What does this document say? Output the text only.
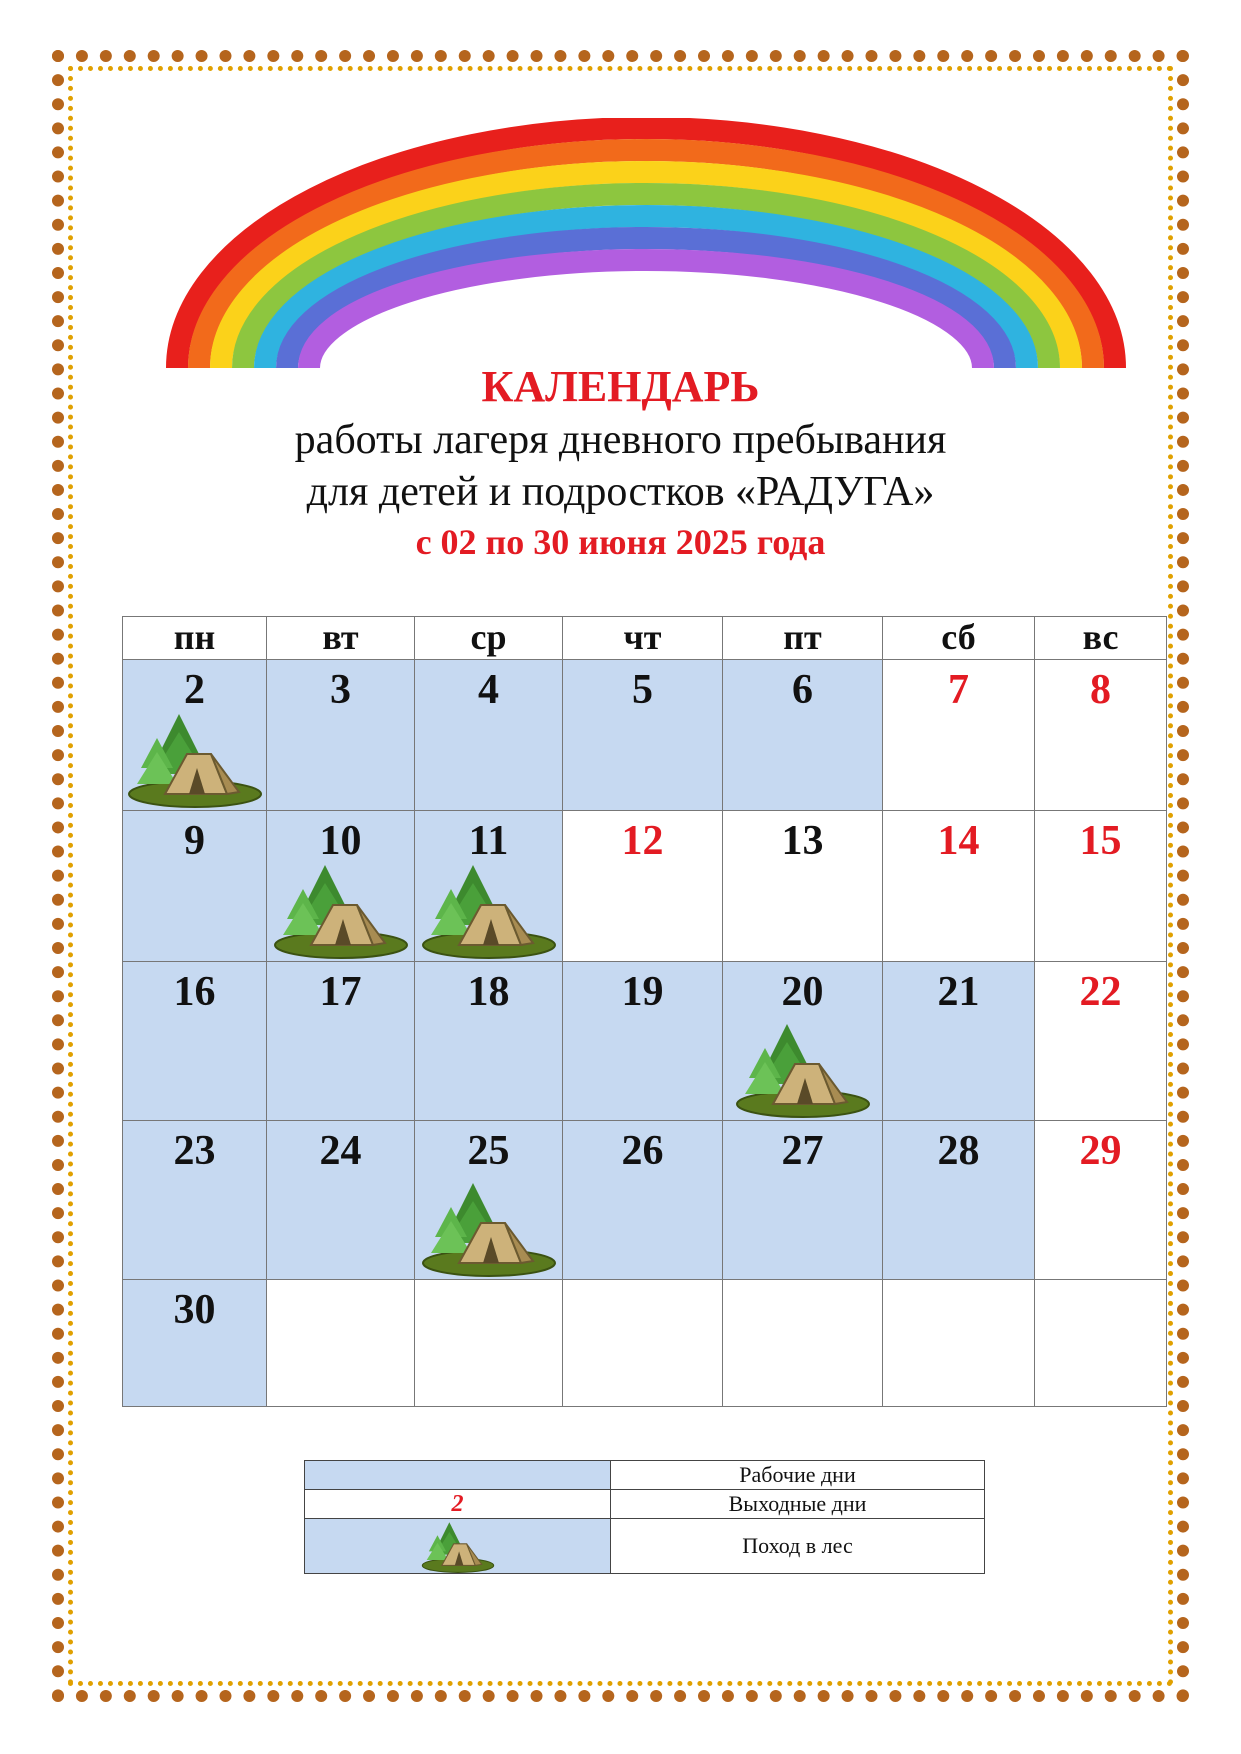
КАЛЕНДАРЬ
работы лагеря дневного пребывания
для детей и подростков «РАДУГА»
с 02 по 30 июня 2025 года
пн	вт	ср	чт	пт	сб	вс

2	3	4	5	6	7	8

9	10	11	12	13	14	15

16	17	18	19	20	21	22

23	24	25	26	27	28	29

30						

	Рабочие дни
2	Выходные дни
	Поход в лес
